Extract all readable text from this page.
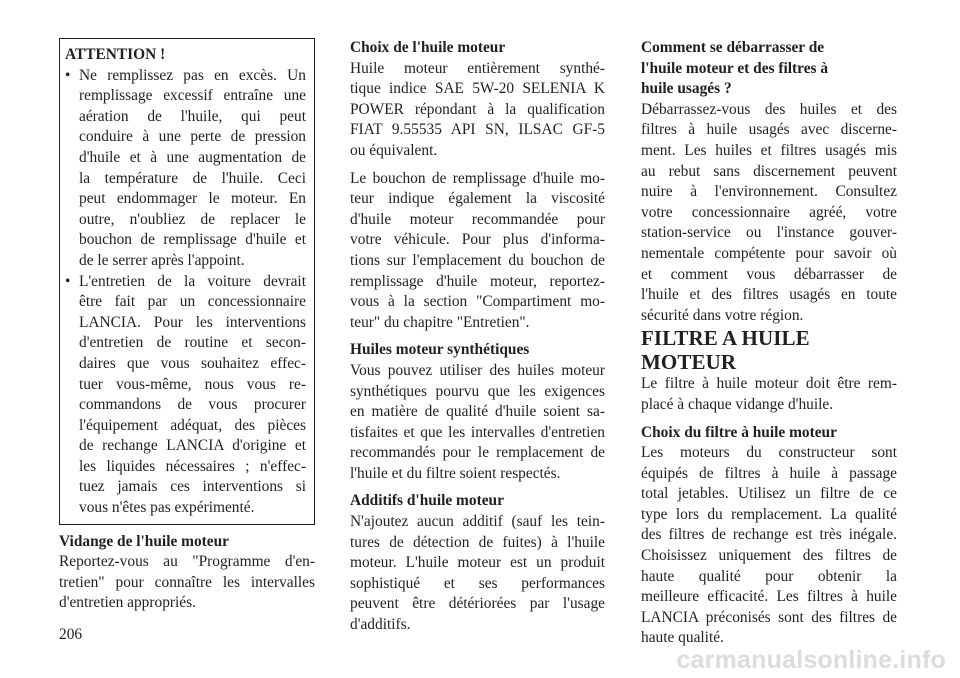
ATTENTION !

• Ne remplissez pas en excès. Un
remplissage excessif entraîne une
aération de l'huile, qui peut
conduire à une perte de pression
d'huile et à une augmentation de
la température de l'huile. Ceci
peut endommager le moteur. En
outre, n'oubliez de replacer le
bouchon de remplissage d'huile et
de le serrer après l'appoint.
• L'entretien de la voiture devrait
être fait par un concessionnaire
LANCIA. Pour les interventions
d'entretien de routine et secon-
daires que vous souhaitez effec-
tuer vous-même, nous vous re-
commandons de vous procurer
l'équipement adéquat, des pièces
de rechange LANCIA d'origine et
les liquides nécessaires ; n'effec-
tuez jamais ces interventions si
vous n'êtes pas expérimenté.

Vidange de l'huile moteur

Reportez-vous au "Programme d'en-
tretien" pour connaître les intervalles
d'entretien appropriés.

Choix de l'huile moteur

Huile moteur entièrement synthé-
tique indice SAE 5W-20 SELENIA K
POWER répondant à la qualification
FIAT 9.55535 API SN, ILSAC GF-5
ou équivalent.
Le bouchon de remplissage d'huile mo-
teur indique également la viscosité
d'huile moteur recommandée pour
votre véhicule. Pour plus d'informa-
tions sur l'emplacement du bouchon de
remplissage d'huile moteur, reportez-
vous à la section "Compartiment mo-
teur" du chapitre "Entretien".

Huiles moteur synthétiques

Vous pouvez utiliser des huiles moteur
synthétiques pourvu que les exigences
en matière de qualité d'huile soient sa-
tisfaites et que les intervalles d'entretien
recommandés pour le remplacement de
l'huile et du filtre soient respectés.

Additifs d'huile moteur

N'ajoutez aucun additif (sauf les tein-
tures de détection de fuites) à l'huile
moteur. L'huile moteur est un produit
sophistiqué et ses performances
peuvent être détériorées par l'usage
d'additifs.
Comment se débarrasser de
l'huile moteur et des filtres à
huile usagés ?
Débarrassez-vous des huiles et des
filtres à huile usagés avec discerne-
ment. Les huiles et filtres usagés mis
au rebut sans discernement peuvent
nuire à l'environnement. Consultez
votre concessionnaire agréé, votre
station-service ou l'instance gouver-
nementale compétente pour savoir où
et comment vous débarrasser de
l'huile et des filtres usagés en toute
sécurité dans votre région.

FILTRE A HUILE MOTEUR

Le filtre à huile moteur doit être rem-
placé à chaque vidange d'huile.

Choix du filtre à huile moteur

Les moteurs du constructeur sont
équipés de filtres à huile à passage
total jetables. Utilisez un filtre de ce
type lors du remplacement. La qualité
des filtres de rechange est très inégale.
Choisissez uniquement des filtres de
haute qualité pour obtenir la
meilleure efficacité. Les filtres à huile
LANCIA préconisés sont des filtres de
haute qualité.
206
carmanualsonline.info
